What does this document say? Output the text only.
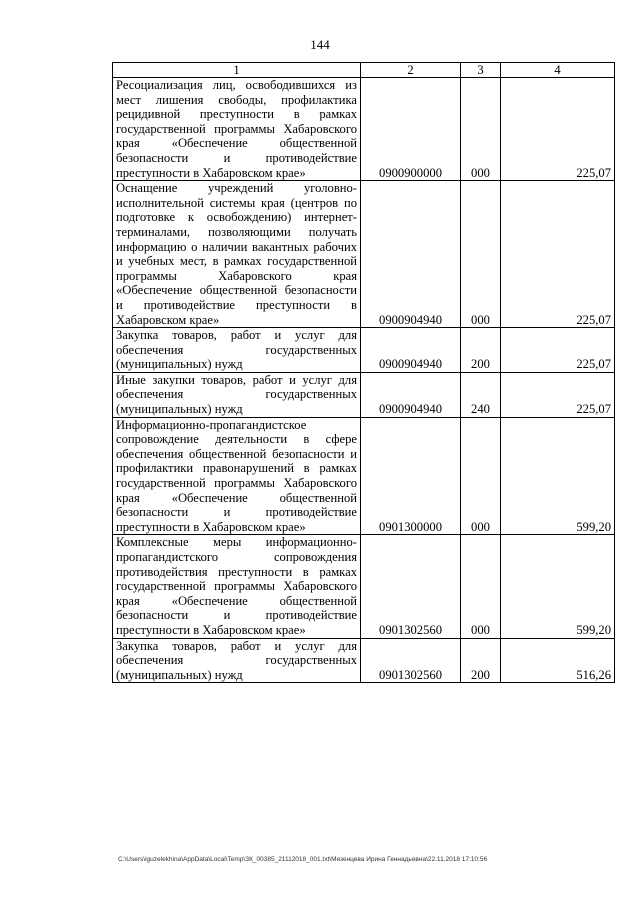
144
1	2	3	4
Ресоциализация лиц, освободившихся из мест лишения свободы, профилактика рецидивной преступности в рамках государственной программы Хабаровского края «Обеспечение общественной безопасности и противодействие преступности в Хабаровском крае»	0900900000	000	225,07
Оснащение учреждений уголовно-исполнительной системы края (центров по подготовке к освобождению) интернет-терминалами, позволяющими получать информацию о наличии вакантных рабочих и учебных мест, в рамках государственной программы Хабаровского края «Обеспечение общественной безопасности и противодействие преступности в Хабаровском крае»	0900904940	000	225,07
Закупка товаров, работ и услуг для обеспечения государственных (муниципальных) нужд	0900904940	200	225,07
Иные закупки товаров, работ и услуг для обеспечения государственных (муниципальных) нужд	0900904940	240	225,07
Информационно-пропагандистское сопровождение деятельности в сфере обеспечения общественной безопасности и профилактики правонарушений в рамках государственной программы Хабаровского края «Обеспечение общественной безопасности и противодействие преступности в Хабаровском крае»	0901300000	000	599,20
Комплексные меры информационно-пропагандистского сопровождения противодействия преступности в рамках государственной программы Хабаровского края «Обеспечение общественной безопасности и противодействие преступности в Хабаровском крае»	0901302560	000	599,20
Закупка товаров, работ и услуг для обеспечения государственных (муниципальных) нужд	0901302560	200	516,26
C:\Users\iguzelekhina\AppData\Local\Temp\ЗК_00385_21112018_001.txt\Мезенцева Ирина Геннадьевна\22.11.2018 17:10:56
